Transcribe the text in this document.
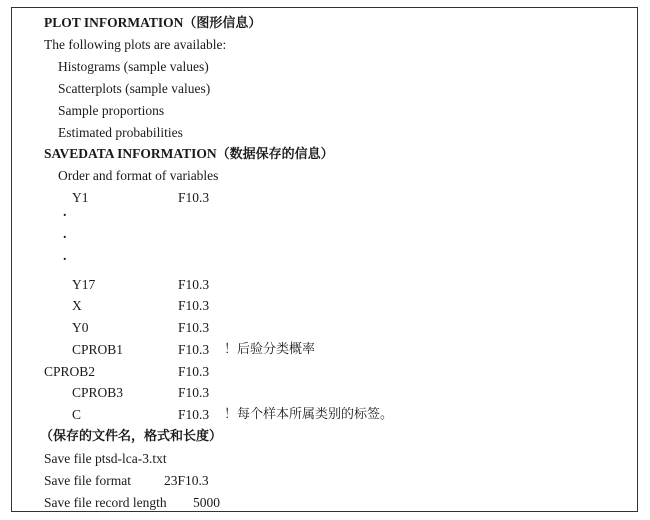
PLOT INFORMATION（图形信息）
The following plots are available:
Histograms (sample values)
Scatterplots (sample values)
Sample proportions
Estimated probabilities
SAVEDATA INFORMATION（数据保存的信息）
Order and format of variables
Y1	F10.3
.
.
.
Y17	F10.3
X	F10.3
Y0	F10.3
CPROB1	F10.3 ！后验分类概率
CPROB2	F10.3
CPROB3	F10.3
C	F10.3 ！每个样本所属类别的标签。
（保存的文件名，格式和长度）
Save file ptsd-lca-3.txt
Save file format 23F10.3
Save file record length 5000
